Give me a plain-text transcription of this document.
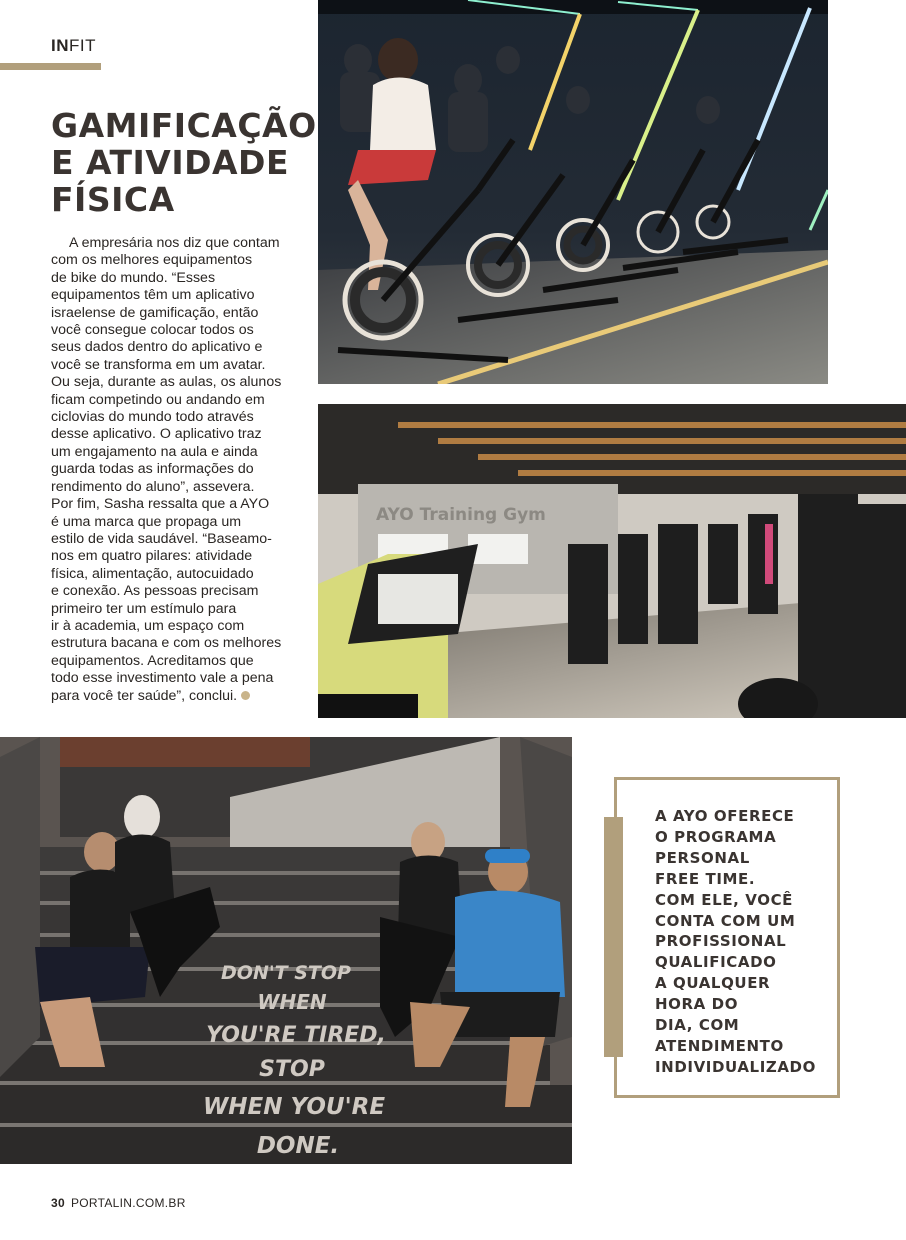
INFIT
GAMIFICAÇÃO
E ATIVIDADE
FÍSICA
A empresária nos diz que contam
com os melhores equipamentos
de bike do mundo. “Esses
equipamentos têm um aplicativo
israelense de gamificação, então
você consegue colocar todos os
seus dados dentro do aplicativo e
você se transforma em um avatar.
Ou seja, durante as aulas, os alunos
ficam competindo ou andando em
ciclovias do mundo todo através
desse aplicativo. O aplicativo traz
um engajamento na aula e ainda
guarda todas as informações do
rendimento do aluno”, assevera.
Por fim, Sasha ressalta que a AYO
é uma marca que propaga um
estilo de vida saudável. “Baseamo-
nos em quatro pilares: atividade
física, alimentação, autocuidado
e conexão. As pessoas precisam
primeiro ter um estímulo para
ir à academia, um espaço com
estrutura bacana e com os melhores
equipamentos. Acreditamos que
todo esse investimento vale a pena
para você ter saúde”, conclui.
AYO Training Gym
DON'T STOP
WHEN
YOU'RE TIRED,
STOP
WHEN YOU'RE
DONE.
A AYO OFERECE
O PROGRAMA
PERSONAL
FREE TIME.
COM ELE, VOCÊ
CONTA COM UM
PROFISSIONAL
QUALIFICADO
A QUALQUER
HORA DO
DIA, COM
ATENDIMENTO
INDIVIDUALIZADO
30 PORTALIN.COM.BR
